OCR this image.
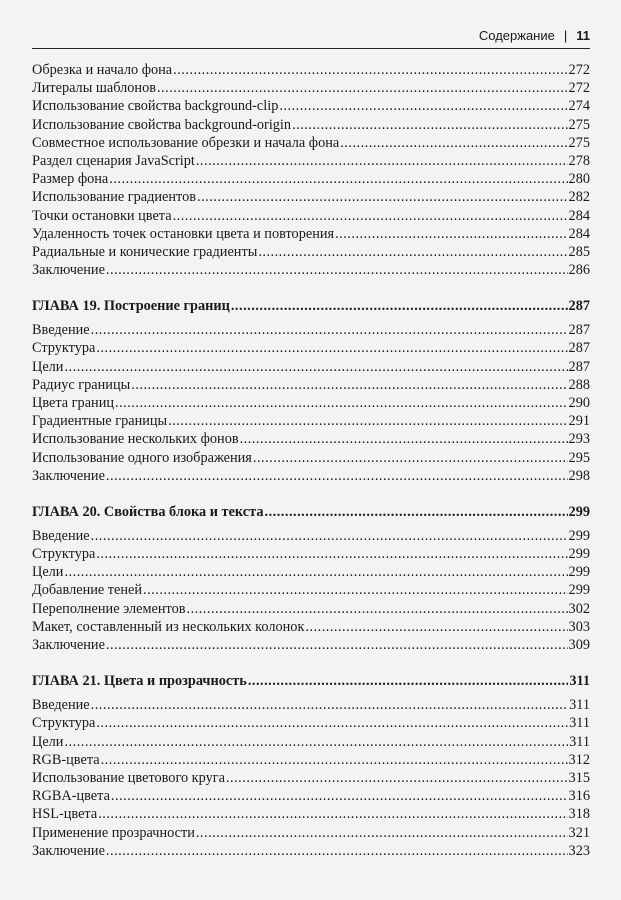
Содержание | 11
Обрезка и начало фона .....	272
Литералы шаблонов .....	272
Использование свойства background-clip .....	274
Использование свойства background-origin .....	275
Совместное использование обрезки и начала фона .....	275
Раздел сценария JavaScript .....	278
Размер фона .....	280
Использование градиентов .....	282
Точки остановки цвета .....	284
Удаленность точек остановки цвета и повторения .....	284
Радиальные и конические градиенты .....	285
Заключение .....	286
ГЛАВА 19. Построение границ .....	287
Введение .....	287
Структура .....	287
Цели .....	287
Радиус границы .....	288
Цвета границ .....	290
Градиентные границы .....	291
Использование нескольких фонов .....	293
Использование одного изображения .....	295
Заключение .....	298
ГЛАВА 20. Свойства блока и текста .....	299
Введение .....	299
Структура .....	299
Цели .....	299
Добавление теней .....	299
Переполнение элементов .....	302
Макет, составленный из нескольких колонок .....	303
Заключение .....	309
ГЛАВА 21. Цвета и прозрачность .....	311
Введение .....	311
Структура .....	311
Цели .....	311
RGB-цвета .....	312
Использование цветового круга .....	315
RGBA-цвета .....	316
HSL-цвета .....	318
Применение прозрачности .....	321
Заключение .....	323
